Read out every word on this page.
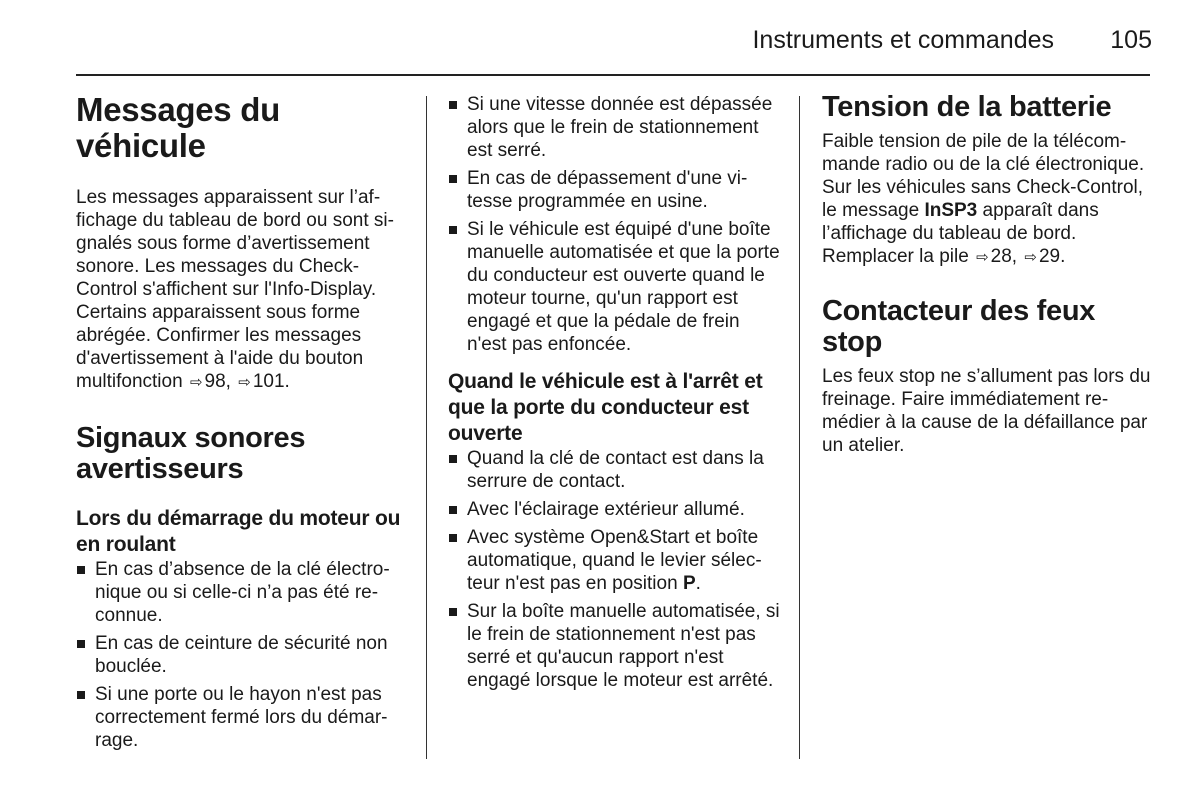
Instruments et commandes	105
Messages du véhicule

Les messages apparaissent sur l’affichage du tableau de bord ou sont signalés sous forme d’avertissement sonore. Les messages du Check-Control s'affichent sur l'Info-Display. Certains apparaissent sous forme abrégée. Confirmer les messages d'avertissement à l'aide du bouton multifonction ⇨ 98, ⇨ 101.

Signaux sonores avertisseurs
Lors du démarrage du moteur ou en roulant
En cas d’absence de la clé électronique ou si celle-ci n’a pas été reconnue.
En cas de ceinture de sécurité non bouclée.
Si une porte ou le hayon n'est pas correctement fermé lors du démarrage.
Si une vitesse donnée est dépassée alors que le frein de stationnement est serré.
En cas de dépassement d'une vitesse programmée en usine.
Si le véhicule est équipé d'une boîte manuelle automatisée et que la porte du conducteur est ouverte quand le moteur tourne, qu'un rapport est engagé et que la pédale de frein n'est pas enfoncée.
Quand le véhicule est à l'arrêt et que la porte du conducteur est ouverte
Quand la clé de contact est dans la serrure de contact.
Avec l'éclairage extérieur allumé.
Avec système Open&Start et boîte automatique, quand le levier sélecteur n'est pas en position P.
Sur la boîte manuelle automatisée, si le frein de stationnement n'est pas serré et qu'aucun rapport n'est engagé lorsque le moteur est arrêté.
Tension de la batterie

Faible tension de pile de la télécommande radio ou de la clé électronique. Sur les véhicules sans Check-Control, le message InSP3 apparaît dans l’affichage du tableau de bord. Remplacer la pile ⇨ 28, ⇨ 29.

Contacteur des feux stop

Les feux stop ne s’allument pas lors du freinage. Faire immédiatement remédier à la cause de la défaillance par un atelier.
